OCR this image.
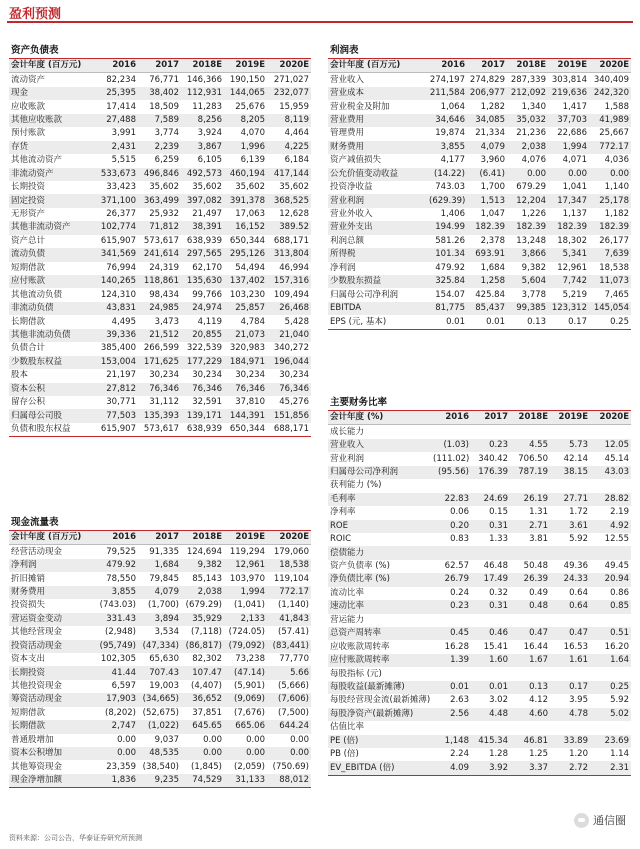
盈利预测
资产负债表
会计年度 (百万元)	2016	2017	2018E	2019E	2020E
流动资产	82,234	76,771	146,366	190,150	271,027
现金	25,395	38,402	112,931	144,065	232,077
应收账款	17,414	18,509	11,283	25,676	15,959
其他应收账款	27,488	7,589	8,256	8,205	8,119
预付账款	3,991	3,774	3,924	4,070	4,464
存货	2,431	2,239	3,867	1,996	4,225
其他流动资产	5,515	6,259	6,105	6,139	6,184
非流动资产	533,673	496,846	492,573	460,194	417,144
长期投资	33,423	35,602	35,602	35,602	35,602
固定投资	371,100	363,499	397,082	391,378	368,525
无形资产	26,377	25,932	21,497	17,063	12,628
其他非流动资产	102,774	71,812	38,391	16,152	389.52
资产总计	615,907	573,617	638,939	650,344	688,171
流动负债	341,569	241,614	297,565	295,126	313,804
短期借款	76,994	24,319	62,170	54,494	46,994
应付账款	140,265	118,861	135,630	137,402	157,316
其他流动负债	124,310	98,434	99,766	103,230	109,494
非流动负债	43,831	24,985	24,974	25,857	26,468
长期借款	4,495	3,473	4,119	4,784	5,428
其他非流动负债	39,336	21,512	20,855	21,073	21,040
负债合计	385,400	266,599	322,539	320,983	340,272
少数股东权益	153,004	171,625	177,229	184,971	196,044
股本	21,197	30,234	30,234	30,234	30,234
资本公积	27,812	76,346	76,346	76,346	76,346
留存公积	30,771	31,112	32,591	37,810	45,276
归属母公司股	77,503	135,393	139,171	144,391	151,856
负债和股东权益	615,907	573,617	638,939	650,344	688,171
现金流量表
会计年度 (百万元)	2016	2017	2018E	2019E	2020E
经营活动现金	79,525	91,335	124,694	119,294	179,060
净利润	479.92	1,684	9,382	12,961	18,538
折旧摊销	78,550	79,845	85,143	103,970	119,104
财务费用	3,855	4,079	2,038	1,994	772.17
投资损失	(743.03)	(1,700)	(679.29)	(1,041)	(1,140)
营运资金变动	331.43	3,894	35,929	2,133	41,843
其他经营现金	(2,948)	3,534	(7,118)	(724.05)	(57.41)
投资活动现金	(95,749)	(47,334)	(86,817)	(79,092)	(83,441)
资本支出	102,305	65,630	82,302	73,238	77,770
长期投资	41.44	707.43	107.47	(47.14)	5.66
其他投资现金	6,597	19,003	(4,407)	(5,901)	(5,666)
筹资活动现金	17,903	(34,665)	36,652	(9,069)	(7,606)
短期借款	(8,202)	(52,675)	37,851	(7,676)	(7,500)
长期借款	2,747	(1,022)	645.65	665.06	644.24
普通股增加	0.00	9,037	0.00	0.00	0.00
资本公积增加	0.00	48,535	0.00	0.00	0.00
其他筹资现金	23,359	(38,540)	(1,845)	(2,059)	(750.69)
现金净增加额	1,836	9,235	74,529	31,133	88,012
利润表
会计年度 (百万元)	2016	2017	2018E	2019E	2020E
营业收入	274,197	274,829	287,339	303,814	340,409
营业成本	211,584	206,977	212,092	219,636	242,320
营业税金及附加	1,064	1,282	1,340	1,417	1,588
营业费用	34,646	34,085	35,032	37,703	41,989
管理费用	19,874	21,334	21,236	22,686	25,667
财务费用	3,855	4,079	2,038	1,994	772.17
资产减值损失	4,177	3,960	4,076	4,071	4,036
公允价值变动收益	(14.22)	(6.41)	0.00	0.00	0.00
投资净收益	743.03	1,700	679.29	1,041	1,140
营业利润	(629.39)	1,513	12,204	17,347	25,178
营业外收入	1,406	1,047	1,226	1,137	1,182
营业外支出	194.99	182.39	182.39	182.39	182.39
利润总额	581.26	2,378	13,248	18,302	26,177
所得税	101.34	693.91	3,866	5,341	7,639
净利润	479.92	1,684	9,382	12,961	18,538
少数股东损益	325.84	1,258	5,604	7,742	11,073
归属母公司净利润	154.07	425.84	3,778	5,219	7,465
EBITDA	81,775	85,437	99,385	123,312	145,054
EPS (元, 基本)	0.01	0.01	0.13	0.17	0.25
主要财务比率
会计年度 (%)	2016	2017	2018E	2019E	2020E
成长能力					
营业收入	(1.03)	0.23	4.55	5.73	12.05
营业利润	(111.02)	340.42	706.50	42.14	45.14
归属母公司净利润	(95.56)	176.39	787.19	38.15	43.03
获利能力 (%)					
毛利率	22.83	24.69	26.19	27.71	28.82
净利率	0.06	0.15	1.31	1.72	2.19
ROE	0.20	0.31	2.71	3.61	4.92
ROIC	0.83	1.33	3.81	5.92	12.55
偿债能力					
资产负债率 (%)	62.57	46.48	50.48	49.36	49.45
净负债比率 (%)	26.79	17.49	26.39	24.33	20.94
流动比率	0.24	0.32	0.49	0.64	0.86
速动比率	0.23	0.31	0.48	0.64	0.85
营运能力					
总资产周转率	0.45	0.46	0.47	0.47	0.51
应收账款周转率	16.28	15.41	16.44	16.53	16.20
应付账款周转率	1.39	1.60	1.67	1.61	1.64
每股指标 (元)					
每股收益(最新摊薄)	0.01	0.01	0.13	0.17	0.25
每股经营现金流(最新摊薄)	2.63	3.02	4.12	3.95	5.92
每股净资产(最新摊薄)	2.56	4.48	4.60	4.78	5.02
估值比率					
PE (倍)	1,148	415.34	46.81	33.89	23.69
PB (倍)	2.24	1.28	1.25	1.20	1.14
EV_EBITDA (倍)	4.09	3.92	3.37	2.72	2.31
资料来源：公司公告，华泰证券研究所预测
通信圈
